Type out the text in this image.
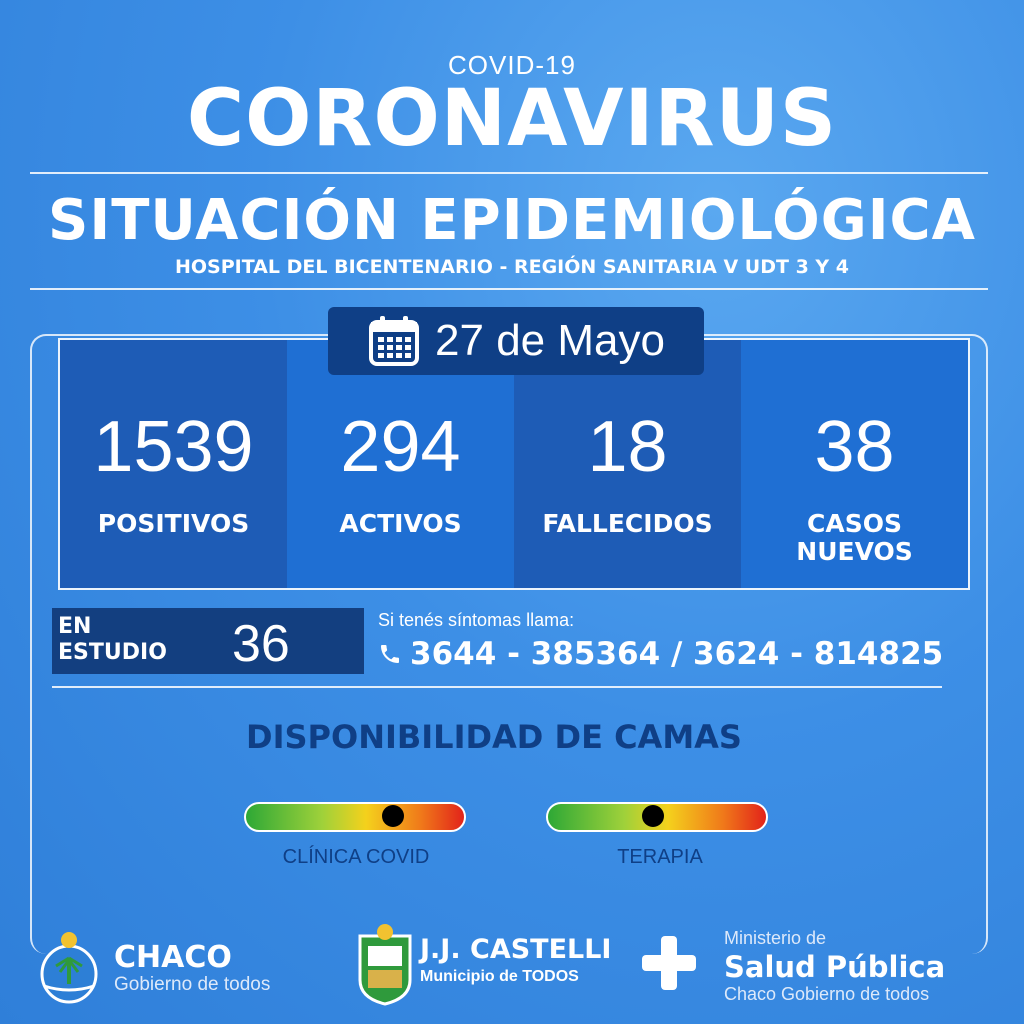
COVID-19
CORONAVIRUS
SITUACIÓN EPIDEMIOLÓGICA
HOSPITAL DEL BICENTENARIO - REGIÓN SANITARIA V UDT 3 Y 4
1539
POSITIVOS
294
ACTIVOS
18
FALLECIDOS
38
CASOS NUEVOS
27 de Mayo
EN ESTUDIO	36	Si tenés síntomas llama:
3644 - 385364 / 3624 - 814825
DISPONIBILIDAD DE CAMAS
CLÍNICA COVID	TERAPIA
CHACO
Gobierno de todos
J.J. CASTELLI
Municipio de TODOS
Ministerio de
Salud Pública
Chaco Gobierno de todos
